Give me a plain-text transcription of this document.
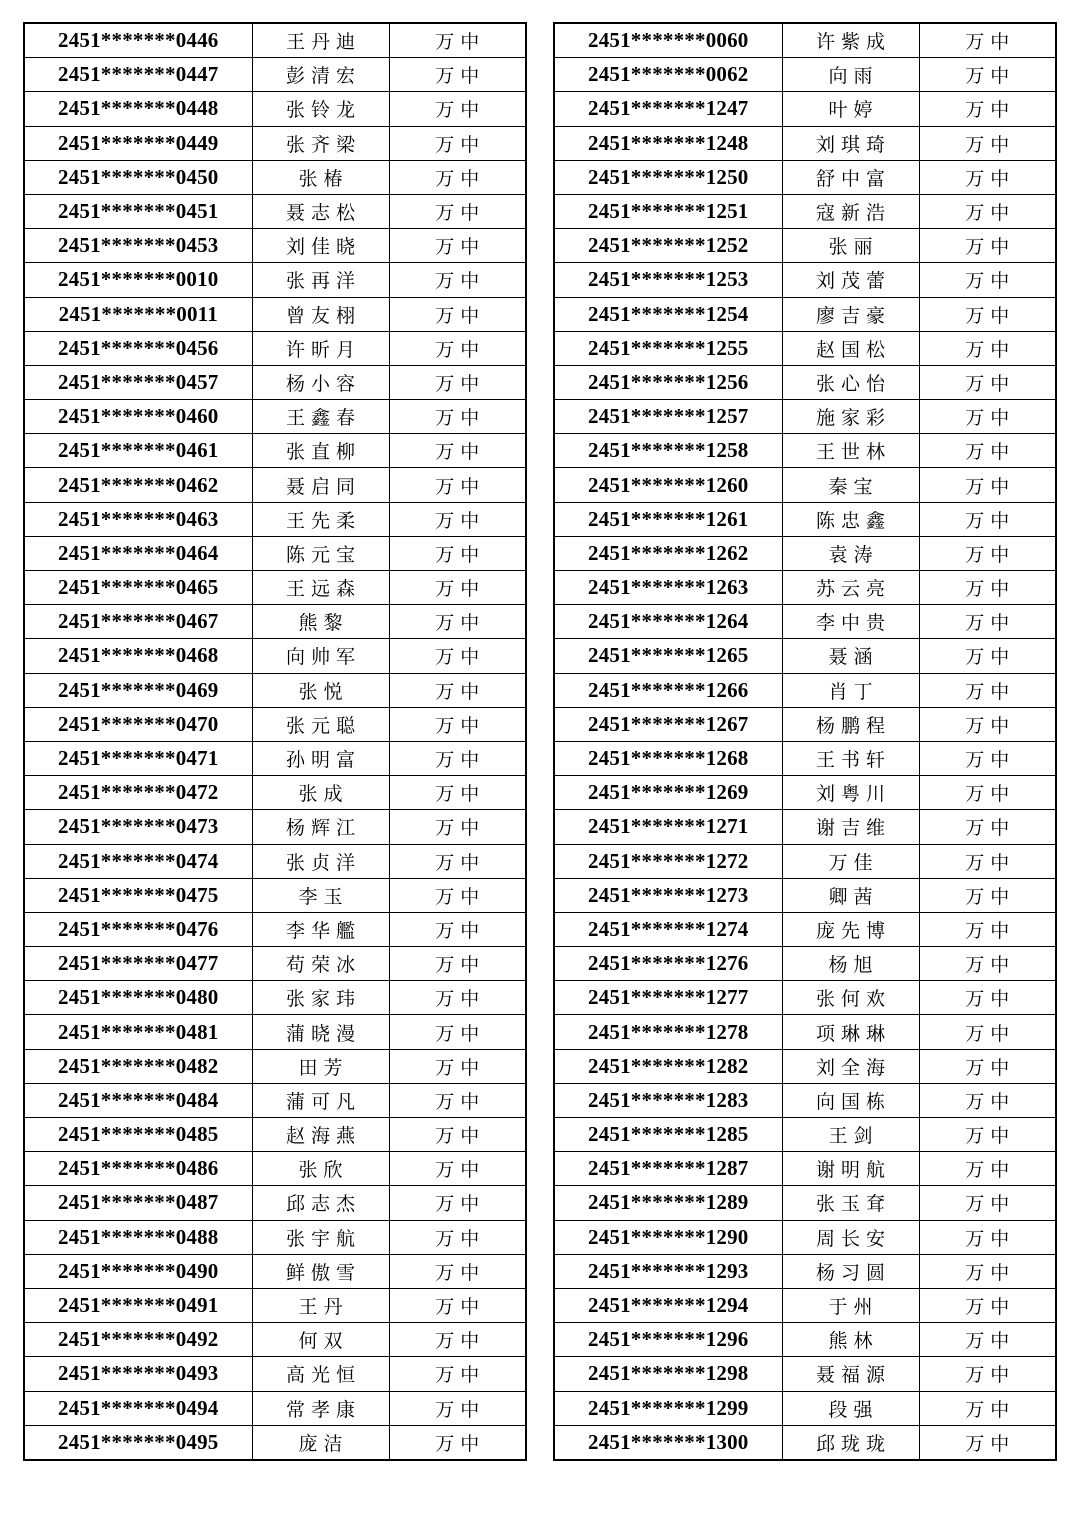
2451*******0446	王丹迪	万中
2451*******0447	彭清宏	万中
2451*******0448	张铃龙	万中
2451*******0449	张齐梁	万中
2451*******0450	张椿	万中
2451*******0451	聂志松	万中
2451*******0453	刘佳晓	万中
2451*******0010	张再洋	万中
2451*******0011	曾友栩	万中
2451*******0456	许昕月	万中
2451*******0457	杨小容	万中
2451*******0460	王鑫春	万中
2451*******0461	张直柳	万中
2451*******0462	聂启同	万中
2451*******0463	王先柔	万中
2451*******0464	陈元宝	万中
2451*******0465	王远森	万中
2451*******0467	熊黎	万中
2451*******0468	向帅军	万中
2451*******0469	张悦	万中
2451*******0470	张元聪	万中
2451*******0471	孙明富	万中
2451*******0472	张成	万中
2451*******0473	杨辉江	万中
2451*******0474	张贞洋	万中
2451*******0475	李玉	万中
2451*******0476	李华艦	万中
2451*******0477	苟荣冰	万中
2451*******0480	张家玮	万中
2451*******0481	蒲晓漫	万中
2451*******0482	田芳	万中
2451*******0484	蒲可凡	万中
2451*******0485	赵海燕	万中
2451*******0486	张欣	万中
2451*******0487	邱志杰	万中
2451*******0488	张宇航	万中
2451*******0490	鲜傲雪	万中
2451*******0491	王丹	万中
2451*******0492	何双	万中
2451*******0493	高光恒	万中
2451*******0494	常孝康	万中
2451*******0495	庞洁	万中
2451*******0060	许紫成	万中
2451*******0062	向雨	万中
2451*******1247	叶婷	万中
2451*******1248	刘琪琦	万中
2451*******1250	舒中富	万中
2451*******1251	寇新浩	万中
2451*******1252	张丽	万中
2451*******1253	刘茂蕾	万中
2451*******1254	廖吉豪	万中
2451*******1255	赵国松	万中
2451*******1256	张心怡	万中
2451*******1257	施家彩	万中
2451*******1258	王世林	万中
2451*******1260	秦宝	万中
2451*******1261	陈忠鑫	万中
2451*******1262	袁涛	万中
2451*******1263	苏云亮	万中
2451*******1264	李中贵	万中
2451*******1265	聂涵	万中
2451*******1266	肖丁	万中
2451*******1267	杨鹏程	万中
2451*******1268	王书轩	万中
2451*******1269	刘粤川	万中
2451*******1271	谢吉维	万中
2451*******1272	万佳	万中
2451*******1273	卿茜	万中
2451*******1274	庞先博	万中
2451*******1276	杨旭	万中
2451*******1277	张何欢	万中
2451*******1278	项琳琳	万中
2451*******1282	刘全海	万中
2451*******1283	向国栋	万中
2451*******1285	王剑	万中
2451*******1287	谢明航	万中
2451*******1289	张玉耷	万中
2451*******1290	周长安	万中
2451*******1293	杨习圆	万中
2451*******1294	于州	万中
2451*******1296	熊林	万中
2451*******1298	聂福源	万中
2451*******1299	段强	万中
2451*******1300	邱珑珑	万中
